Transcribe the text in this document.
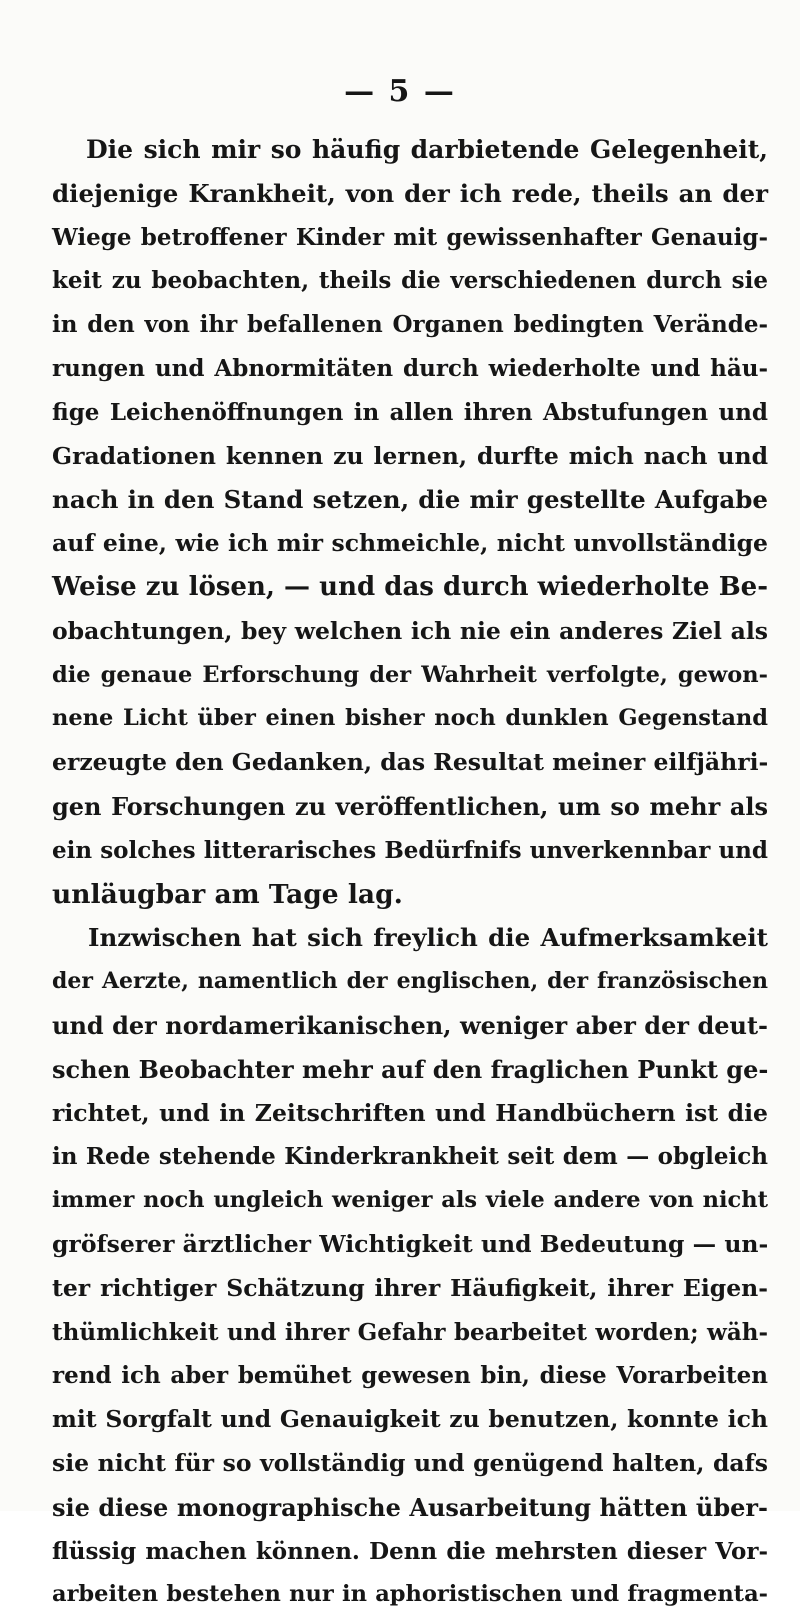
— 5 —
Die sich mir so häufig darbietende Gelegenheit,
diejenige Krankheit, von der ich rede, theils an der
Wiege betroffener Kinder mit gewissenhafter Genauig-
keit zu beobachten, theils die verschiedenen durch sie
in den von ihr befallenen Organen bedingten Verände-
rungen und Abnormitäten durch wiederholte und häu-
fige Leichenöffnungen in allen ihren Abstufungen und
Gradationen kennen zu lernen, durfte mich nach und
nach in den Stand setzen, die mir gestellte Aufgabe
auf eine, wie ich mir schmeichle, nicht unvollständige
Weise zu lösen, — und das durch wiederholte Be-
obachtungen, bey welchen ich nie ein anderes Ziel als
die genaue Erforschung der Wahrheit verfolgte, gewon-
nene Licht über einen bisher noch dunklen Gegenstand
erzeugte den Gedanken, das Resultat meiner eilfjähri-
gen Forschungen zu veröffentlichen, um so mehr als
ein solches litterarisches Bedürfnifs unverkennbar und
unläugbar am Tage lag.
Inzwischen hat sich freylich die Aufmerksamkeit
der Aerzte, namentlich der englischen, der französischen
und der nordamerikanischen, weniger aber der deut-
schen Beobachter mehr auf den fraglichen Punkt ge-
richtet, und in Zeitschriften und Handbüchern ist die
in Rede stehende Kinderkrankheit seit dem — obgleich
immer noch ungleich weniger als viele andere von nicht
gröfserer ärztlicher Wichtigkeit und Bedeutung — un-
ter richtiger Schätzung ihrer Häufigkeit, ihrer Eigen-
thümlichkeit und ihrer Gefahr bearbeitet worden; wäh-
rend ich aber bemühet gewesen bin, diese Vorarbeiten
mit Sorgfalt und Genauigkeit zu benutzen, konnte ich
sie nicht für so vollständig und genügend halten, dafs
sie diese monographische Ausarbeitung hätten über-
flüssig machen können. Denn die mehrsten dieser Vor-
arbeiten bestehen nur in aphoristischen und fragmenta-
